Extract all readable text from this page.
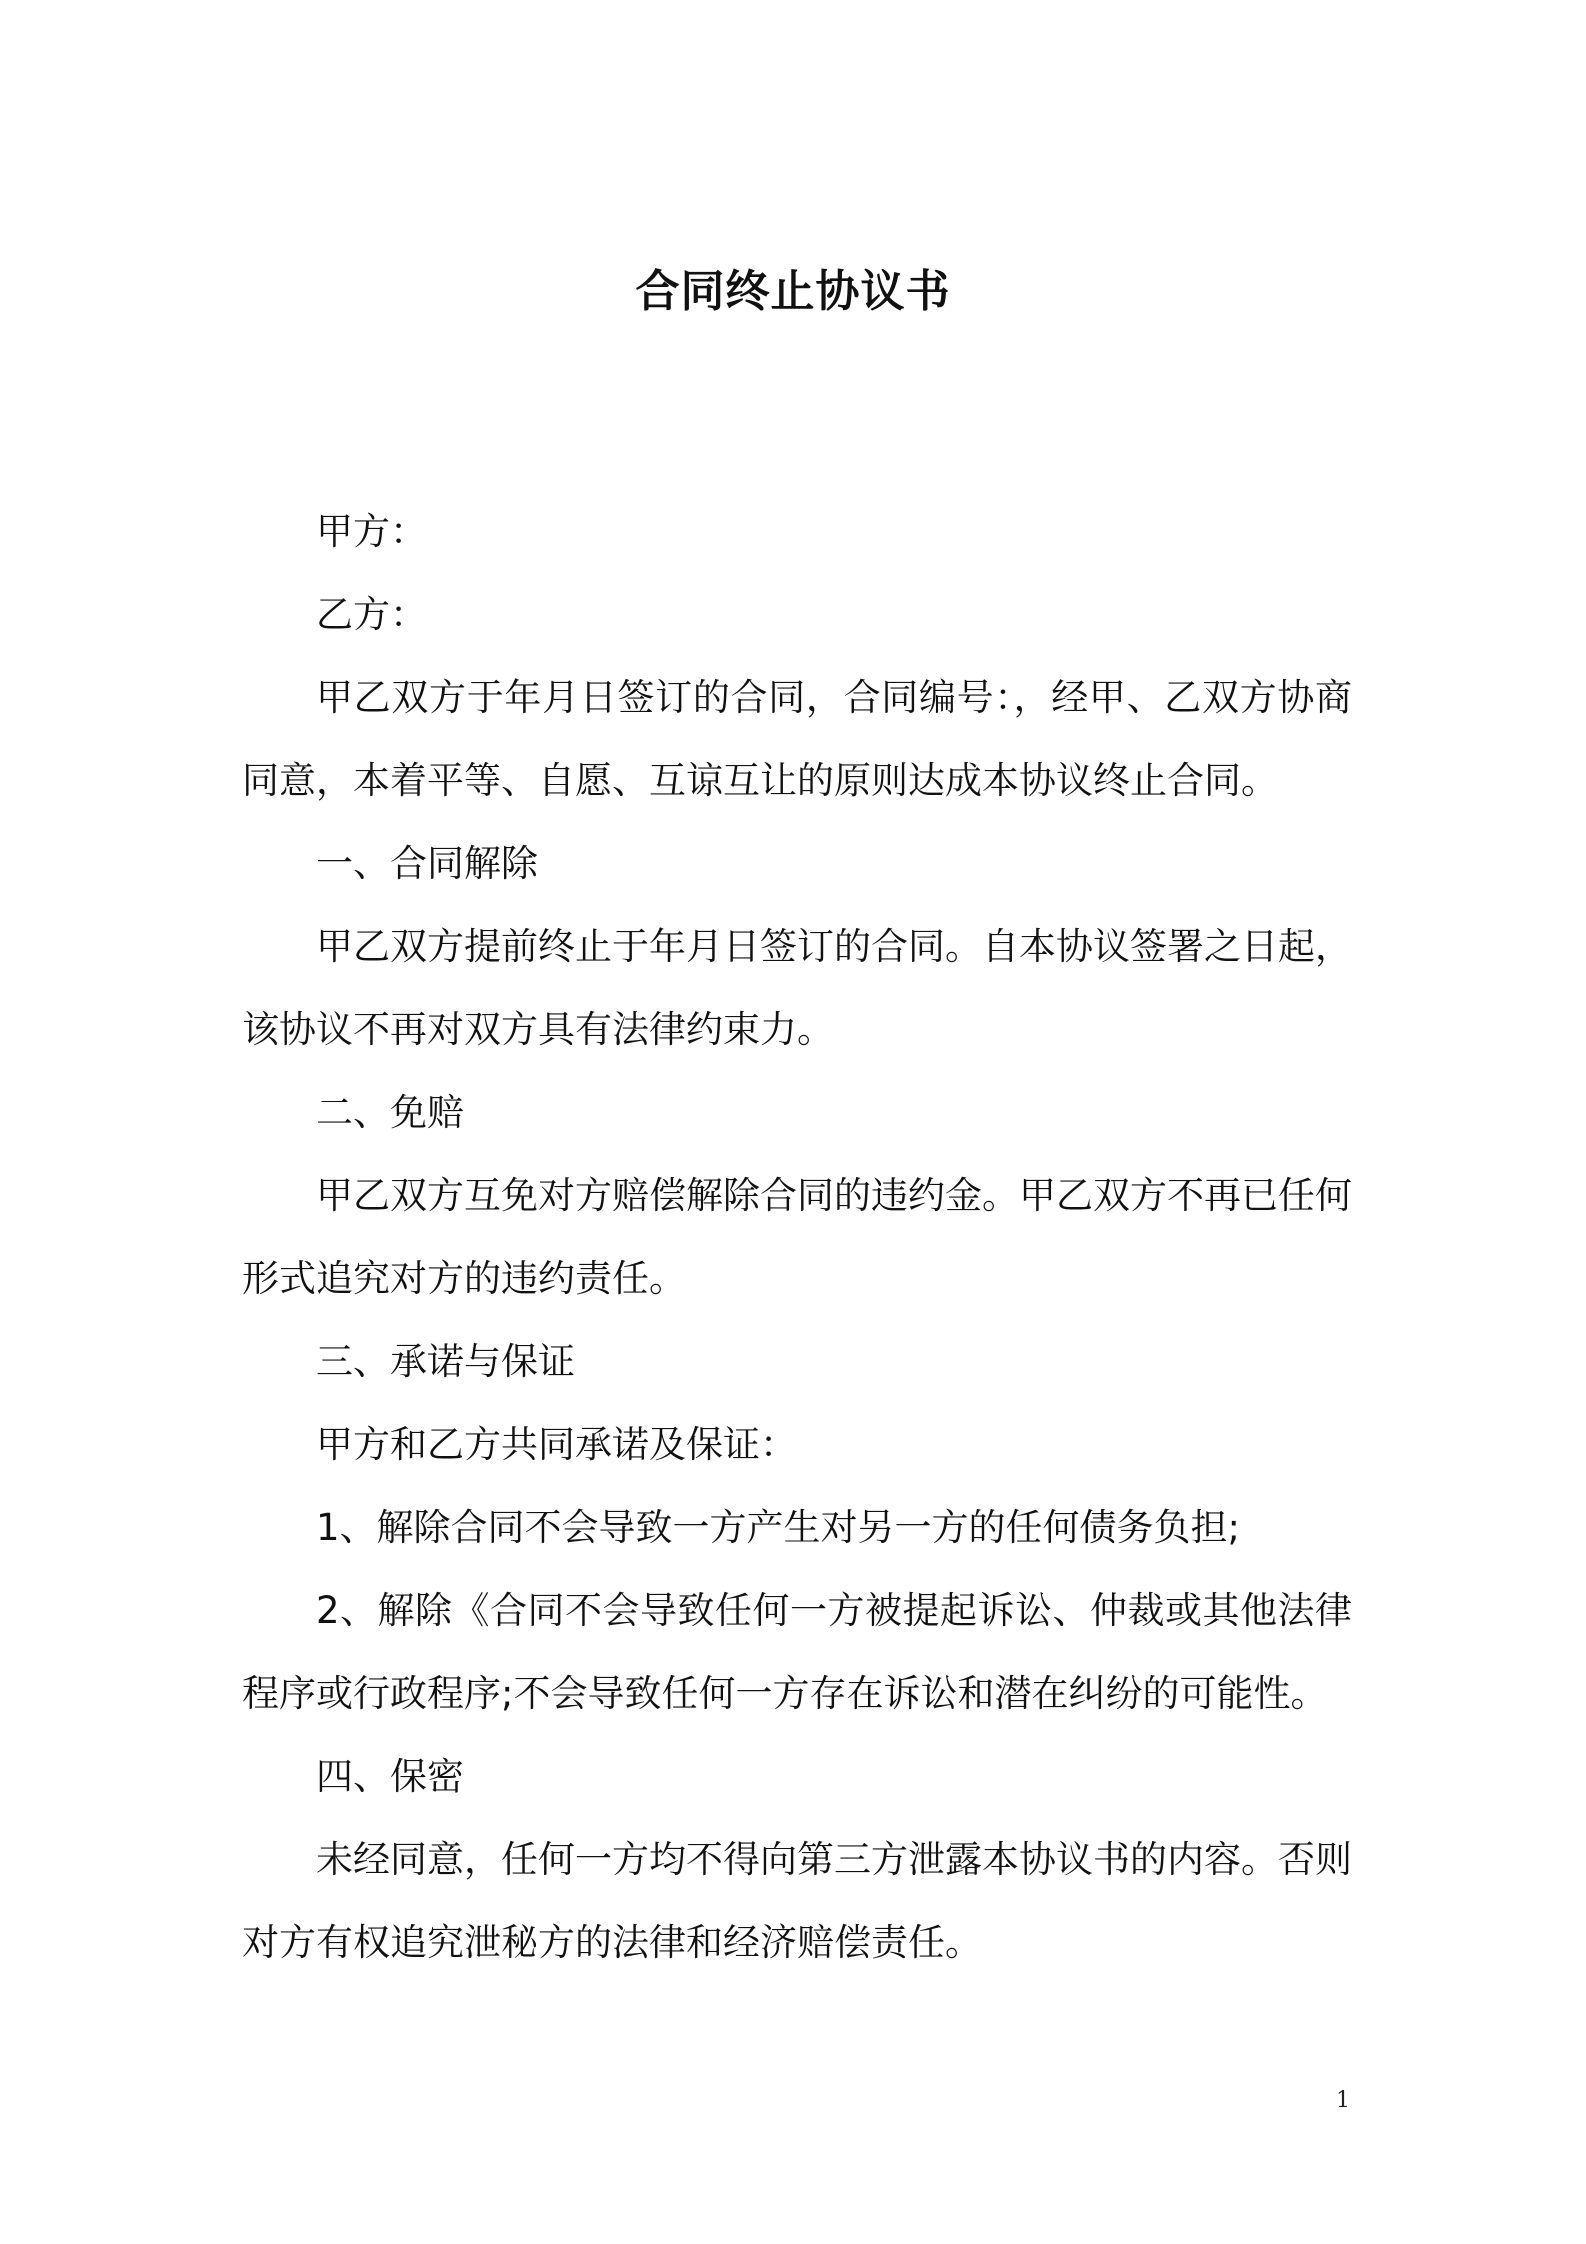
合同终止协议书

甲方：

乙方：

甲乙双方于年月日签订的合同，合同编号：，经甲、乙双方协商同意，本着平等、自愿、互谅互让的原则达成本协议终止合同。

一、合同解除

甲乙双方提前终止于年月日签订的合同。自本协议签署之日起，该协议不再对双方具有法律约束力。

二、免赔

甲乙双方互免对方赔偿解除合同的违约金。甲乙双方不再已任何形式追究对方的违约责任。

三、承诺与保证

甲方和乙方共同承诺及保证：

1、解除合同不会导致一方产生对另一方的任何债务负担;

2、解除《合同不会导致任何一方被提起诉讼、仲裁或其他法律程序或行政程序;不会导致任何一方存在诉讼和潜在纠纷的可能性。

四、保密

未经同意，任何一方均不得向第三方泄露本协议书的内容。否则对方有权追究泄秘方的法律和经济赔偿责任。

1
